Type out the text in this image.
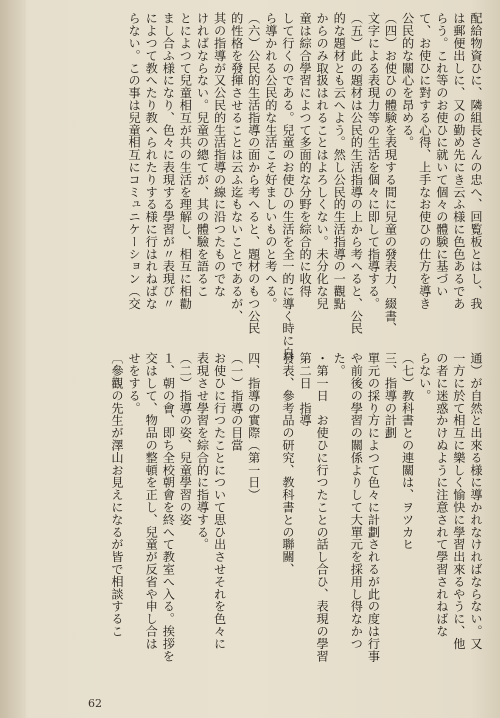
配給物資ひに、隣組長さんの忠へ、回覧板とはし、我
は郵便出しに、又の勤め先にき云ふ様に色色あるであ
らう。これ等のお使ひに就いて個々の體験に基づい
て、お使ひに對する心得、上手なお使ひの仕方を導き
公民的な關心を昂める。
（四）お使ひの體験を表現する間に兒童の發表力、綴書、
文字による表現力等の生活を個々に即して指導する。
（五）此の題材は公民的生活指導の上から考へると、公民
的な題材とも云へよう。然し公民的生活指導の一觀點
からのみ取扱はれることはよろしくない。未分化な兒
童は綜合學習によつて多面的な分野を綜合的に收得
して行くのである。兒童のお使ひの生活を全一的に導く時に自
ら導かれる公民的な生活こそ好ましいものと考へる。
（六）公民的生活指導の面から考へると、題材のもつ公民
的性格を發揮させることは云ふ迄もないことであるが、
其の指導が又公民的生活指導の線に沿つたものでな
ければならない。兒童の總てが、其の體驗を語るこ
とによつて兒童相互が共の生活を理解し、相互に相勸
まし合ふ様になり、色々に表現する學習が〃表現び〃
によつて教へたり教へられたりする様に行はれねばな
らない。この事は兒童相互にコミュニケーション（交
通）が自然と出來る様に導かれなければならない。又
一方に於て相互に樂しく愉快に學習出來るやうに、他
の者に迷惑かけぬように注意されて學習されねばな
らない。
（七）教科書との連關は、ヲツカヒ
三、指導の計劃
單元の採り方によつて色々に計劃されるが此の度は行事
や前後の學習の關係よりして大單元を採用し得なかつ
た。
・第一日　お使ひに行つたことの話し合ひ、表現の學習
第二日　指導
發表、參考品の研究、教科書との聯關、
四、指導の實際（第一日）
（一）指導の目當
お使ひに行つたことについて思ひ出させそれを色々に
表現させ學習を綜合的に指導する。
（二）指導の姿、兒童學習の姿
１、朝の會、即ち全校朝會を終へて教室へ入る。挨拶を
交はして、物品の整頓を正し、兒童が反省や申し合は
せをする。
〔參觀の先生が澤山お見えになるが皆で相談するこ
62
